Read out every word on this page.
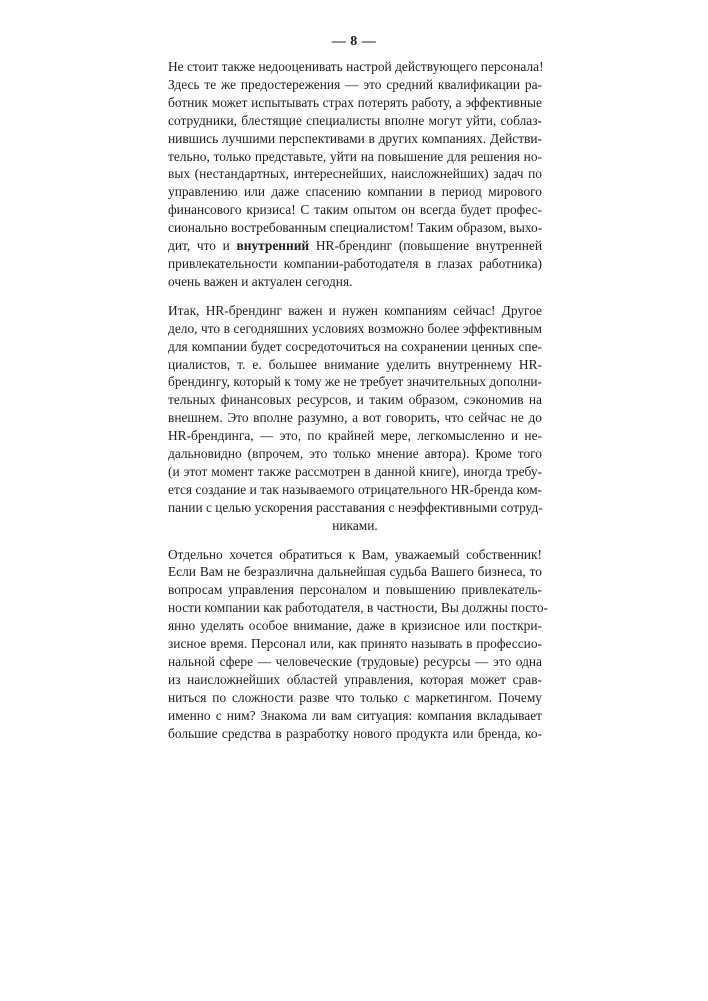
— 8 —

Не стоит также недооценивать настрой действующего персонала!
Здесь те же предостережения — это средний квалификации ра-
ботник может испытывать страх потерять работу, а эффективные
сотрудники, блестящие специалисты вполне могут уйти, соблаз-
нившись лучшими перспективами в других компаниях. Действи-
тельно, только представьте, уйти на повышение для решения но-
вых (нестандартных, интереснейших, наисложнейших) задач по
управлению или даже спасению компании в период мирового
финансового кризиса! С таким опытом он всегда будет профес-
сионально востребованным специалистом! Таким образом, выхо-
дит, что и внутренний HR-брендинг (повышение внутренней
привлекательности компании-работодателя в глазах работника)
очень важен и актуален сегодня.

Итак, HR-брендинг важен и нужен компаниям сейчас! Другое
дело, что в сегодняшних условиях возможно более эффективным
для компании будет сосредоточиться на сохранении ценных спе-
циалистов, т. е. большее внимание уделить внутреннему HR-
брендингу, который к тому же не требует значительных дополни-
тельных финансовых ресурсов, и таким образом, сэкономив на
внешнем. Это вполне разумно, а вот говорить, что сейчас не до
HR-брендинга, — это, по крайней мере, легкомысленно и не-
дальновидно (впрочем, это только мнение автора). Кроме того
(и этот момент также рассмотрен в данной книге), иногда требу-
ется создание и так называемого отрицательного HR-бренда ком-
пании с целью ускорения расставания с неэффективными сотруд-
никами.

Отдельно хочется обратиться к Вам, уважаемый собственник!
Если Вам не безразлична дальнейшая судьба Вашего бизнеса, то
вопросам управления персоналом и повышению привлекатель-
ности компании как работодателя, в частности, Вы должны посто-
янно уделять особое внимание, даже в кризисное или посткри-
зисное время. Персонал или, как принято называть в профессио-
нальной сфере — человеческие (трудовые) ресурсы — это одна
из наисложнейших областей управления, которая может срав-
ниться по сложности разве что только с маркетингом. Почему
именно с ним? Знакома ли вам ситуация: компания вкладывает
большие средства в разработку нового продукта или бренда, ко-
